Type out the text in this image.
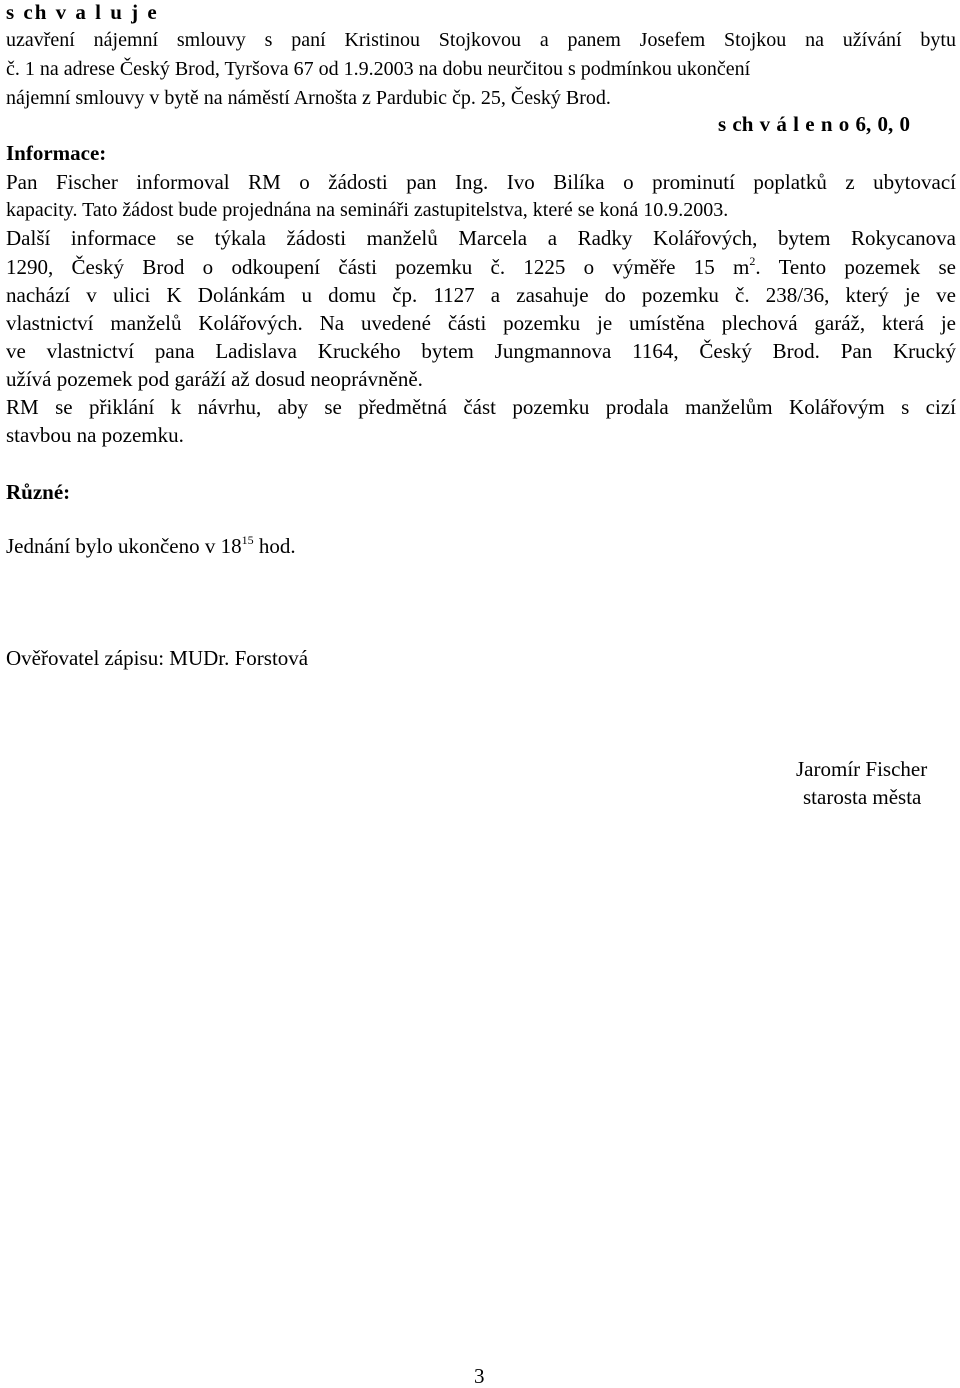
s ch v a l u j e
uzavření nájemní smlouvy s paní Kristinou Stojkovou a panem Josefem Stojkou na užívání bytu
č. 1 na adrese Český Brod, Tyršova 67 od 1.9.2003 na dobu neurčitou s podmínkou ukončení
nájemní smlouvy v bytě na náměstí Arnošta z Pardubic čp. 25, Český Brod.
s ch v á l e n o 6, 0, 0
Informace:
Pan Fischer informoval RM o žádosti pan Ing. Ivo Bilíka o prominutí poplatků z ubytovací
kapacity. Tato žádost bude projednána na semináři zastupitelstva, které se koná 10.9.2003.
Další informace se týkala žádosti manželů Marcela a Radky Kolářových, bytem Rokycanova
1290, Český Brod o odkoupení části pozemku č. 1225 o výměře 15 $m^2$. Tento pozemek se
nachází v ulici K Dolánkám u domu čp. 1127 a zasahuje do pozemku č. 238/36, který je ve
vlastnictví manželů Kolářových. Na uvedené části pozemku je umístěna plechová garáž, která je
ve vlastnictví pana Ladislava Kruckého bytem Jungmannova 1164, Český Brod. Pan Krucký
užívá pozemek pod garáží až dosud neoprávněně.
RM se přiklání k návrhu, aby se předmětná část pozemku prodala manželům Kolářovým s cizí
stavbou na pozemku.
Různé:
Jednání bylo ukončeno v $18^{15}$ hod.
Ověřovatel zápisu: MUDr. Forstová
Jaromír Fischer
starosta města
3
